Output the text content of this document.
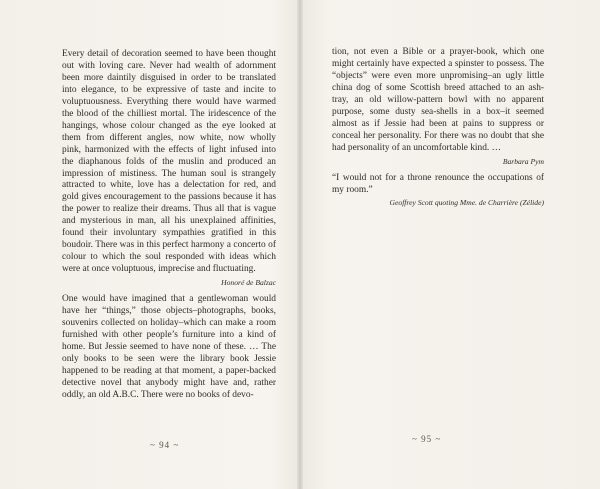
Every detail of decoration seemed to have been thought out with loving care. Never had wealth of adornment been more daintily disguised in order to be translated into elegance, to be expressive of taste and incite to voluptuousness. Everything there would have warmed the blood of the chilliest mortal. The iridescence of the hangings, whose colour changed as the eye looked at them from different angles, now white, now wholly pink, harmonized with the effects of light infused into the diaphanous folds of the muslin and produced an impression of mistiness. The human soul is strangely attracted to white, love has a delectation for red, and gold gives encouragement to the passions because it has the power to realize their dreams. Thus all that is vague and mysterious in man, all his unexplained affinities, found their involuntary sympathies gratified in this boudoir. There was in this perfect harmony a concerto of colour to which the soul responded with ideas which were at once voluptuous, imprecise and fluctuating.

Honoré de Balzac

One would have imagined that a gentlewoman would have her “things,” those objects–photographs, books, souvenirs collected on holiday–which can make a room furnished with other people’s furniture into a kind of home. But Jessie seemed to have none of these. … The only books to be seen were the library book Jessie happened to be reading at that moment, a paper-backed detective novel that anybody might have and, rather oddly, an old A.B.C. There were no books of devo-

~ 94 ~

tion, not even a Bible or a prayer-book, which one might certainly have expected a spinster to possess. The “objects” were even more unpromising–an ugly little china dog of some Scottish breed attached to an ash-tray, an old willow-pattern bowl with no apparent purpose, some dusty sea-shells in a box–it seemed almost as if Jessie had been at pains to suppress or conceal her personality. For there was no doubt that she had personality of an uncomfortable kind. …

Barbara Pym

“I would not for a throne renounce the occupations of my room.”

Geoffrey Scott quoting Mme. de Charrière (Zélide)
~ 95 ~
